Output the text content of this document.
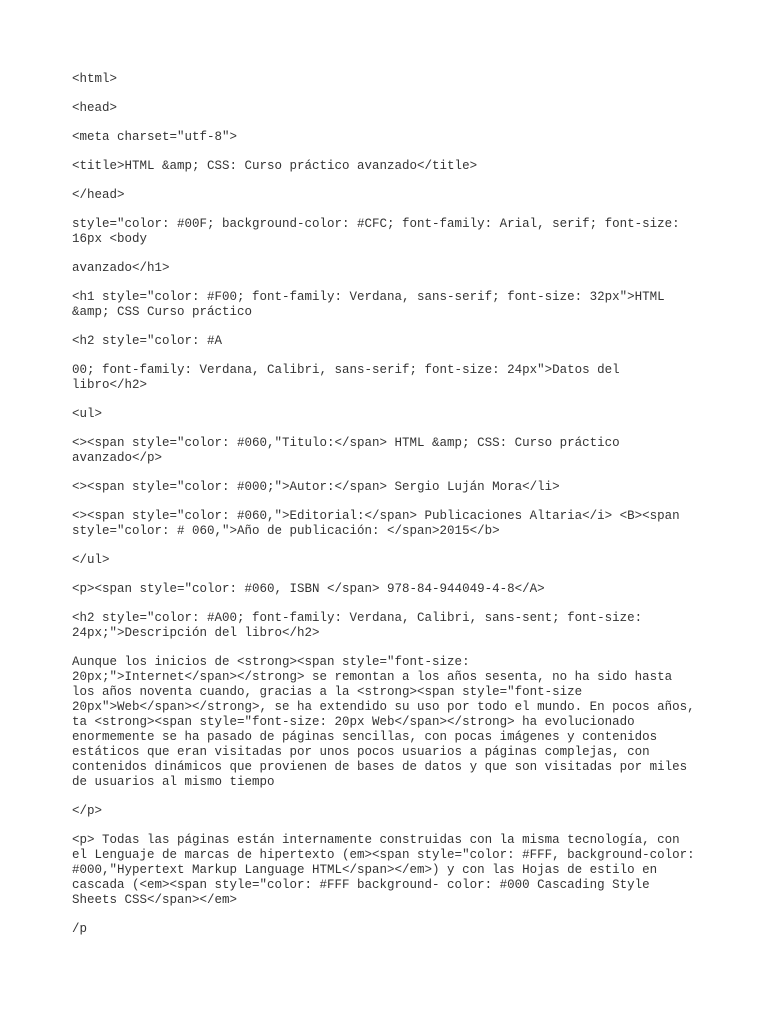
<html>

<head>

<meta charset="utf-8">

<title>HTML &amp; CSS: Curso práctico avanzado</title>

</head>

style="color: #00F; background-color: #CFC; font-family: Arial, serif; font-size:
16px <body

avanzado</h1>

<h1 style="color: #F00; font-family: Verdana, sans-serif; font-size: 32px">HTML
&amp; CSS Curso práctico

<h2 style="color: #A

00; font-family: Verdana, Calibri, sans-serif; font-size: 24px">Datos del
libro</h2>

<ul>

<><span style="color: #060,"Titulo:</span> HTML &amp; CSS: Curso práctico
avanzado</p>

<><span style="color: #000;">Autor:</span> Sergio Luján Mora</li>

<><span style="color: #060,">Editorial:</span> Publicaciones Altaria</i> <B><span
style="color: # 060,">Año de publicación: </span>2015</b>

</ul>

<p><span style="color: #060, ISBN </span> 978-84-944049-4-8</A>

<h2 style="color: #A00; font-family: Verdana, Calibri, sans-sent; font-size:
24px;">Descripción del libro</h2>

Aunque los inicios de <strong><span style="font-size:
20px;">Internet</span></strong> se remontan a los años sesenta, no ha sido hasta
los años noventa cuando, gracias a la <strong><span style="font-size
20px">Web</span></strong>, se ha extendido su uso por todo el mundo. En pocos años,
ta <strong><span style="font-size: 20px Web</span></strong> ha evolucionado
enormemente se ha pasado de páginas sencillas, con pocas imágenes y contenidos
estáticos que eran visitadas por unos pocos usuarios a páginas complejas, con
contenidos dinámicos que provienen de bases de datos y que son visitadas por miles
de usuarios al mismo tiempo

</p>

<p> Todas las páginas están internamente construidas con la misma tecnología, con
el Lenguaje de marcas de hipertexto (em><span style="color: #FFF, background-color:
#000,"Hypertext Markup Language HTML</span></em>) y con las Hojas de estilo en
cascada (<em><span style="color: #FFF background- color: #000 Cascading Style
Sheets CSS</span></em>

/p
